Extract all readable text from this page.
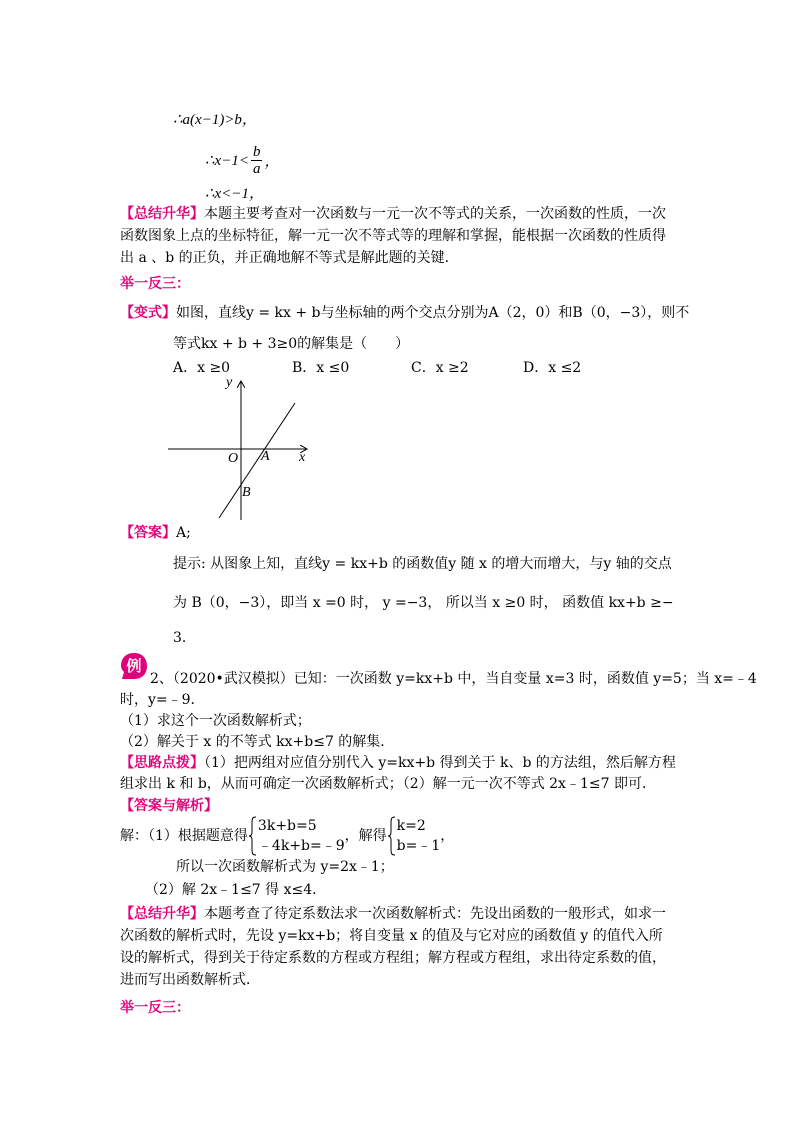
∴a(x−1)>b，
∴x−1< $\frac{b}{a}$ ，
∴x<−1，
【总结升华】本题主要考查对一次函数与一元一次不等式的关系，一次函数的性质，一次函数图象上点的坐标特征，解一元一次不等式等的理解和掌握，能根据一次函数的性质得出 a 、b 的正负，并正确地解不等式是解此题的关键．
举一反三：
【变式】如图，直线y = kx + b与坐标轴的两个交点分别为A（2，0）和B（0，−3），则不
等式kx + b + 3≥0的解集是（　　）
A．x ≥0	B．x ≤0	C．x ≥2	D．x ≤2
y
x
O A
B
【答案】A;
提示: 从图象上知，直线y = kx+b 的函数值y 随 x 的增大而增大，与y 轴的交点
为 B（0，−3），即当 x =0 时， y =−3， 所以当 x ≥0 时， 函数值 kx+b ≥−
3．
例
2、（2020•武汉模拟）已知：一次函数 y=kx+b 中，当自变量 x=3 时，函数值 y=5；当 x=﹣4
时，y=﹣9．
（1）求这个一次函数解析式；
（2）解关于 x 的不等式 kx+b≤7 的解集．
【思路点拨】（1）把两组对应值分别代入 y=kx+b 得到关于 k、b 的方法组，然后解方程组求出 k 和 b，从而可确定一次函数解析式；（2）解一元一次不等式 2x﹣1≤7 即可．
【答案与解析】
解：（1）根据题意得
3k+b=5
﹣4k+b=﹣9
，解得
k=2
b=﹣1
，
所以一次函数解析式为 y=2x﹣1；
（2）解 2x﹣1≤7 得 x≤4．
【总结升华】本题考查了待定系数法求一次函数解析式：先设出函数的一般形式，如求一次函数的解析式时，先设 y=kx+b；将自变量 x 的值及与它对应的函数值 y 的值代入所设的解析式，得到关于待定系数的方程或方程组；解方程或方程组，求出待定系数的值，进而写出函数解析式．
举一反三：
